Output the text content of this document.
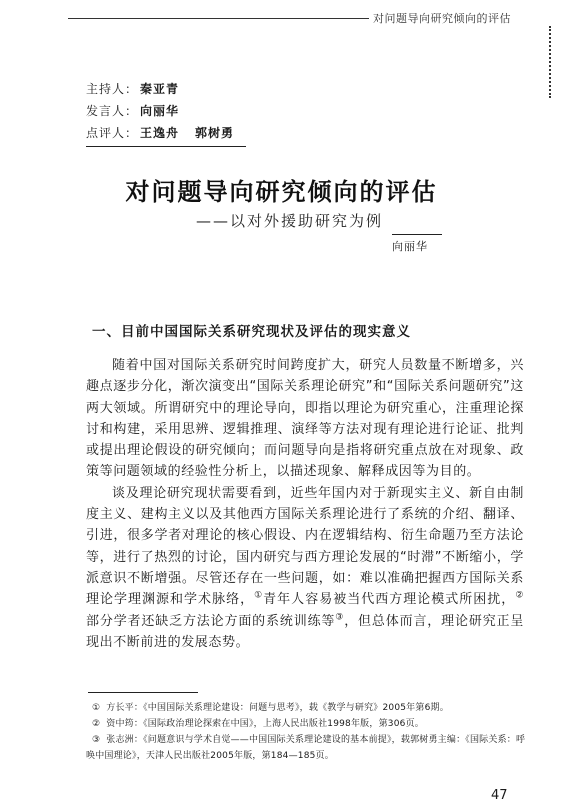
对问题导向研究倾向的评估
主持人： 秦亚青
发言人： 向丽华
点评人： 王逸舟 郭树勇
对问题导向研究倾向的评估
——以对外援助研究为例
向丽华
一、目前中国国际关系研究现状及评估的现实意义

随着中国对国际关系研究时间跨度扩大，研究人员数量不断增多，兴趣点逐步分化，渐次演变出“国际关系理论研究”和“国际关系问题研究”这两大领域。所谓研究中的理论导向，即指以理论为研究重心，注重理论探讨和构建，采用思辨、逻辑推理、演绎等方法对现有理论进行论证、批判或提出理论假设的研究倾向；而问题导向是指将研究重点放在对现象、政策等问题领域的经验性分析上，以描述现象、解释成因等为目的。

谈及理论研究现状需要看到，近些年国内对于新现实主义、新自由制度主义、建构主义以及其他西方国际关系理论进行了系统的介绍、翻译、引进，很多学者对理论的核心假设、内在逻辑结构、衍生命题乃至方法论等，进行了热烈的讨论，国内研究与西方理论发展的“时滞”不断缩小，学派意识不断增强。尽管还存在一些问题，如：难以准确把握西方国际关系理论学理渊源和学术脉络，①青年人容易被当代西方理论模式所困扰，②部分学者还缺乏方法论方面的系统训练等③，但总体而言，理论研究正呈现出不断前进的发展态势。

① 方长平：《中国国际关系理论建设：问题与思考》，载《教学与研究》2005年第6期。

② 资中筠：《国际政治理论探索在中国》，上海人民出版社1998年版，第306页。

③ 张志洲：《问题意识与学术自觉——中国国际关系理论建设的基本前提》，载郭树勇主编：《国际关系：呼唤中国理论》，天津人民出版社2005年版，第184—185页。

47
